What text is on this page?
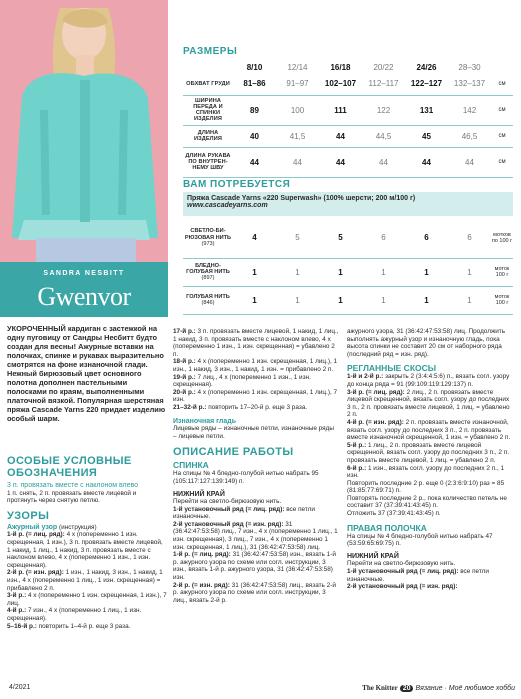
SANDRA NESBITT
Gwenvor
РАЗМЕРЫ
	8/10	12/14	16/18	20/22	24/26	28–30	
ОБХВАТ ГРУДИ	81–86	91–97	102–107	112–117	122–127	132–137	см
ШИРИНА ПЕРЕДА И СПИНКИ ИЗДЕЛИЯ	89	100	111	122	131	142	см
ДЛИНА ИЗДЕЛИЯ	40	41,5	44	44,5	45	46,5	см
ДЛИНА РУКАВА ПО ВНУТРЕН-НЕМУ ШВУ	44	44	44	44	44	44	см
ВАМ ПОТРЕБУЕТСЯ
Пряжа Cascade Yarns «220 Superwash» (100% шерсти; 200 м/100 г)
www.cascadeyarns.com
СВЕТЛО-БИ-РЮЗОВАЯ НИТЬ
(973)	4	5	5	6	6	6	мотков по 100 г
БЛЕДНО-ГОЛУБАЯ НИТЬ
(897)	1	1	1	1	1	1	моток 100 г
ГОЛУБАЯ НИТЬ
(846)	1	1	1	1	1	1	моток 100 г
УКОРОЧЕННЫЙ кардиган с застежкой на одну пуговицу от Сандры Несбитт будто создан для весны! Ажурные вставки на полочках, спинке и рукавах выразительно смотрятся на фоне изнаночной глади. Нежный бирюзовый цвет основного полотна дополнен пастельными полосками по краям, выполненными платочной вязкой. Популярная шерстяная пряжа Cascade Yarns 220 придает изделию особый шарм.
ОСОБЫЕ УСЛОВНЫЕ ОБОЗНАЧЕНИЯ
3 п. провязать вместе с наклоном влево

1 п. снять, 2 п. провязать вместе лицевой и протянуть через снятую петлю.

УЗОРЫ
Ажурный узор (инструкция)

1-й р. (= лиц. ряд): 4 х (попеременно 1 изн. скрещенная, 1 изн.), 3 п. провязать вместе лицевой, 1 накид, 1 лиц., 1 накид, 3 п. провязать вместе с наклоном влево, 4 х (попеременно 1 изн., 1 изн. скрещенная).

2-й р. (= изн. ряд): 1 изн., 1 накид, 3 изн., 1 накид, 1 изн., 4 х (попеременно 1 лиц., 1 изн. скрещенная) = прибавлено 2 п.

3-й р.: 4 х (попеременно 1 изн. скрещенная, 1 изн.), 7 лиц.

4-й р.: 7 изн., 4 х (попеременно 1 лиц., 1 изн. скрещенная).

5–16-й р.: повторить 1–4-й р. еще 3 раза.

17-й р.: 3 п. провязать вместе лицевой, 1 накид, 1 лиц., 1 накид, 3 п. провязать вместе с наклоном влево, 4 х (попеременно 1 изн., 1 изн. скрещенная) = убавлено 2 п.

18-й р.: 4 х (попеременно 1 изн. скрещенная, 1 лиц.), 1 изн., 1 накид, 3 изн., 1 накид, 1 изн. = прибавлено 2 п.

19-й р.: 7 лиц., 4 х (попеременно 1 изн., 1 изн. скрещенная).

20-й р.: 4 х (попеременно 1 изн. скрещенная, 1 лиц.), 7 изн.

21–32-й р.: повторить 17–20-й р. еще 3 раза.

Изнаночная гладь

Лицевые ряды – изнаночные петли, изнаночные ряды – лицевые петли.

ОПИСАНИЕ РАБОТЫ
СПИНКА

На спицы № 4 бледно-голубой нитью набрать 95 (105:117:127:139:149) п.

НИЖНИЙ КРАЙ

Перейти на светло-бирюзовую нить.

1-й установочный ряд (= лиц. ряд): все петли изнаночные.

2-й установочный ряд (= изн. ряд): 31 (36:42:47:53:58) лиц., 7 изн., 4 х (попеременно 1 лиц., 1 изн. скрещенная), 3 лиц., 7 изн., 4 х (попеременно 1 изн. скрещенная, 1 лиц.), 31 (36:42:47:53:58) лиц.

1-й р. (= лиц. ряд): 31 (36:42:47:53:58) изн., вязать 1-й р. ажурного узора по схеме или согл. инструкции, 3 изн., вязать 1-й р. ажурного узора, 31 (36:42:47:53:58) изн.

2-й р. (= изн. ряд): 31 (36:42:47:53:58) лиц., вязать 2-й р. ажурного узора по схеме или согл. инструкции, 3 лиц., вязать 2-й р.

ажурного узора, 31 (36:42:47:53:58) лиц. Продолжить выполнять ажурный узор и изнаночную гладь, пока высота спинки не составит 20 см от наборного ряда (последний ряд = изн. ряд).

РЕГЛАННЫЕ СКОСЫ

1-й и 2-й р.: закрыть 2 (3:4:4:5:6) п., вязать согл. узору до конца ряда = 91 (99:109:119:129:137) п.

3-й р. (= лиц. ряд): 2 лиц., 2 п. провязать вместе лицевой скрещенной, вязать согл. узору до последних 3 п., 2 п. провязать вместе лицевой, 1 лиц. = убавлено 2 п.

4-й р. (= изн. ряд): 2 п. провязать вместе изнаночной, вязать согл. узору до последних 3 п., 2 п. провязать вместе изнаночной скрещенной, 1 изн. = убавлено 2 п.

5-й р.: 1 лиц., 2 п. провязать вместе лицевой скрещенной, вязать согл. узору до последних 3 п., 2 п. провязать вместе лицевой, 1 лиц. = убавлено 2 п.

6-й р.: 1 изн., вязать согл. узору до последних 2 п., 1 изн.

Повторить последние 2 р. еще 0 (2:3:6:9:10) раз = 85 (81:85:77:69:71) п.

Повторять последние 2 р., пока количество петель не составит 37 (37:39:41:43:45) п.

Отложить 37 (37:39:41:43:45) п.

ПРАВАЯ ПОЛОЧКА

На спицы № 4 бледно-голубой нитью набрать 47 (53:59:65:69:75) п.

НИЖНИЙ КРАЙ

Перейти на светло-бирюзовую нить.

1-й установочный ряд (= лиц. ряд): все петли изнаночные.

2-й установочный ряд (= изн. ряд):

4/2021	The Knitter 20 Вязание · Моё любимое хобби
